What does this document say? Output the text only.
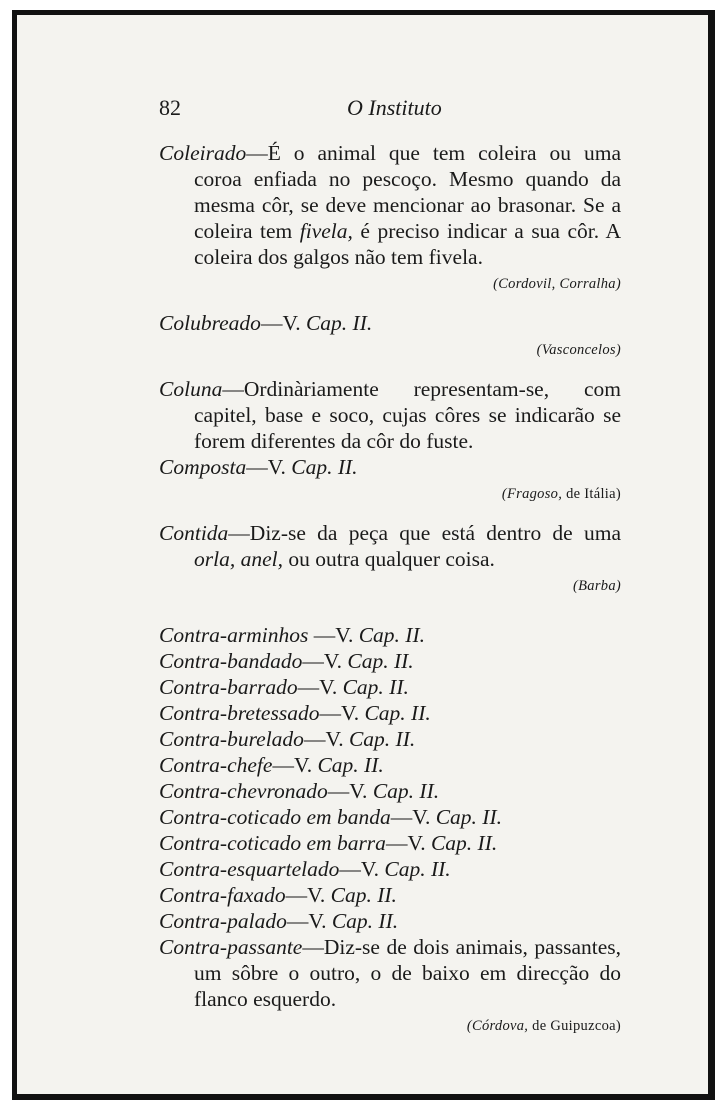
82	O Instituto

Coleirado—É o animal que tem coleira ou uma coroa enfiada no pescoço. Mesmo quando da mesma côr, se deve mencionar ao brasonar. Se a coleira tem fivela, é preciso indicar a sua côr. A coleira dos galgos não tem fivela.

(Cordovil, Corralha)

Colubreado—V. Cap. II.

(Vasconcelos)

Coluna—Ordinàriamente representam-se, com capitel, base e soco, cujas côres se indicarão se forem diferentes da côr do fuste.

Composta—V. Cap. II.

(Fragoso, de Itália)

Contida—Diz-se da peça que está dentro de uma orla, anel, ou outra qualquer coisa.

(Barba)

Contra-arminhos —V. Cap. II.

Contra-bandado—V. Cap. II.

Contra-barrado—V. Cap. II.

Contra-bretessado—V. Cap. II.

Contra-burelado—V. Cap. II.

Contra-chefe—V. Cap. II.

Contra-chevronado—V. Cap. II.

Contra-coticado em banda—V. Cap. II.

Contra-coticado em barra—V. Cap. II.

Contra-esquartelado—V. Cap. II.

Contra-faxado—V. Cap. II.

Contra-palado—V. Cap. II.

Contra-passante—Diz-se de dois animais, passantes, um sôbre o outro, o de baixo em direcção do flanco esquerdo.

(Córdova, de Guipuzcoa)
